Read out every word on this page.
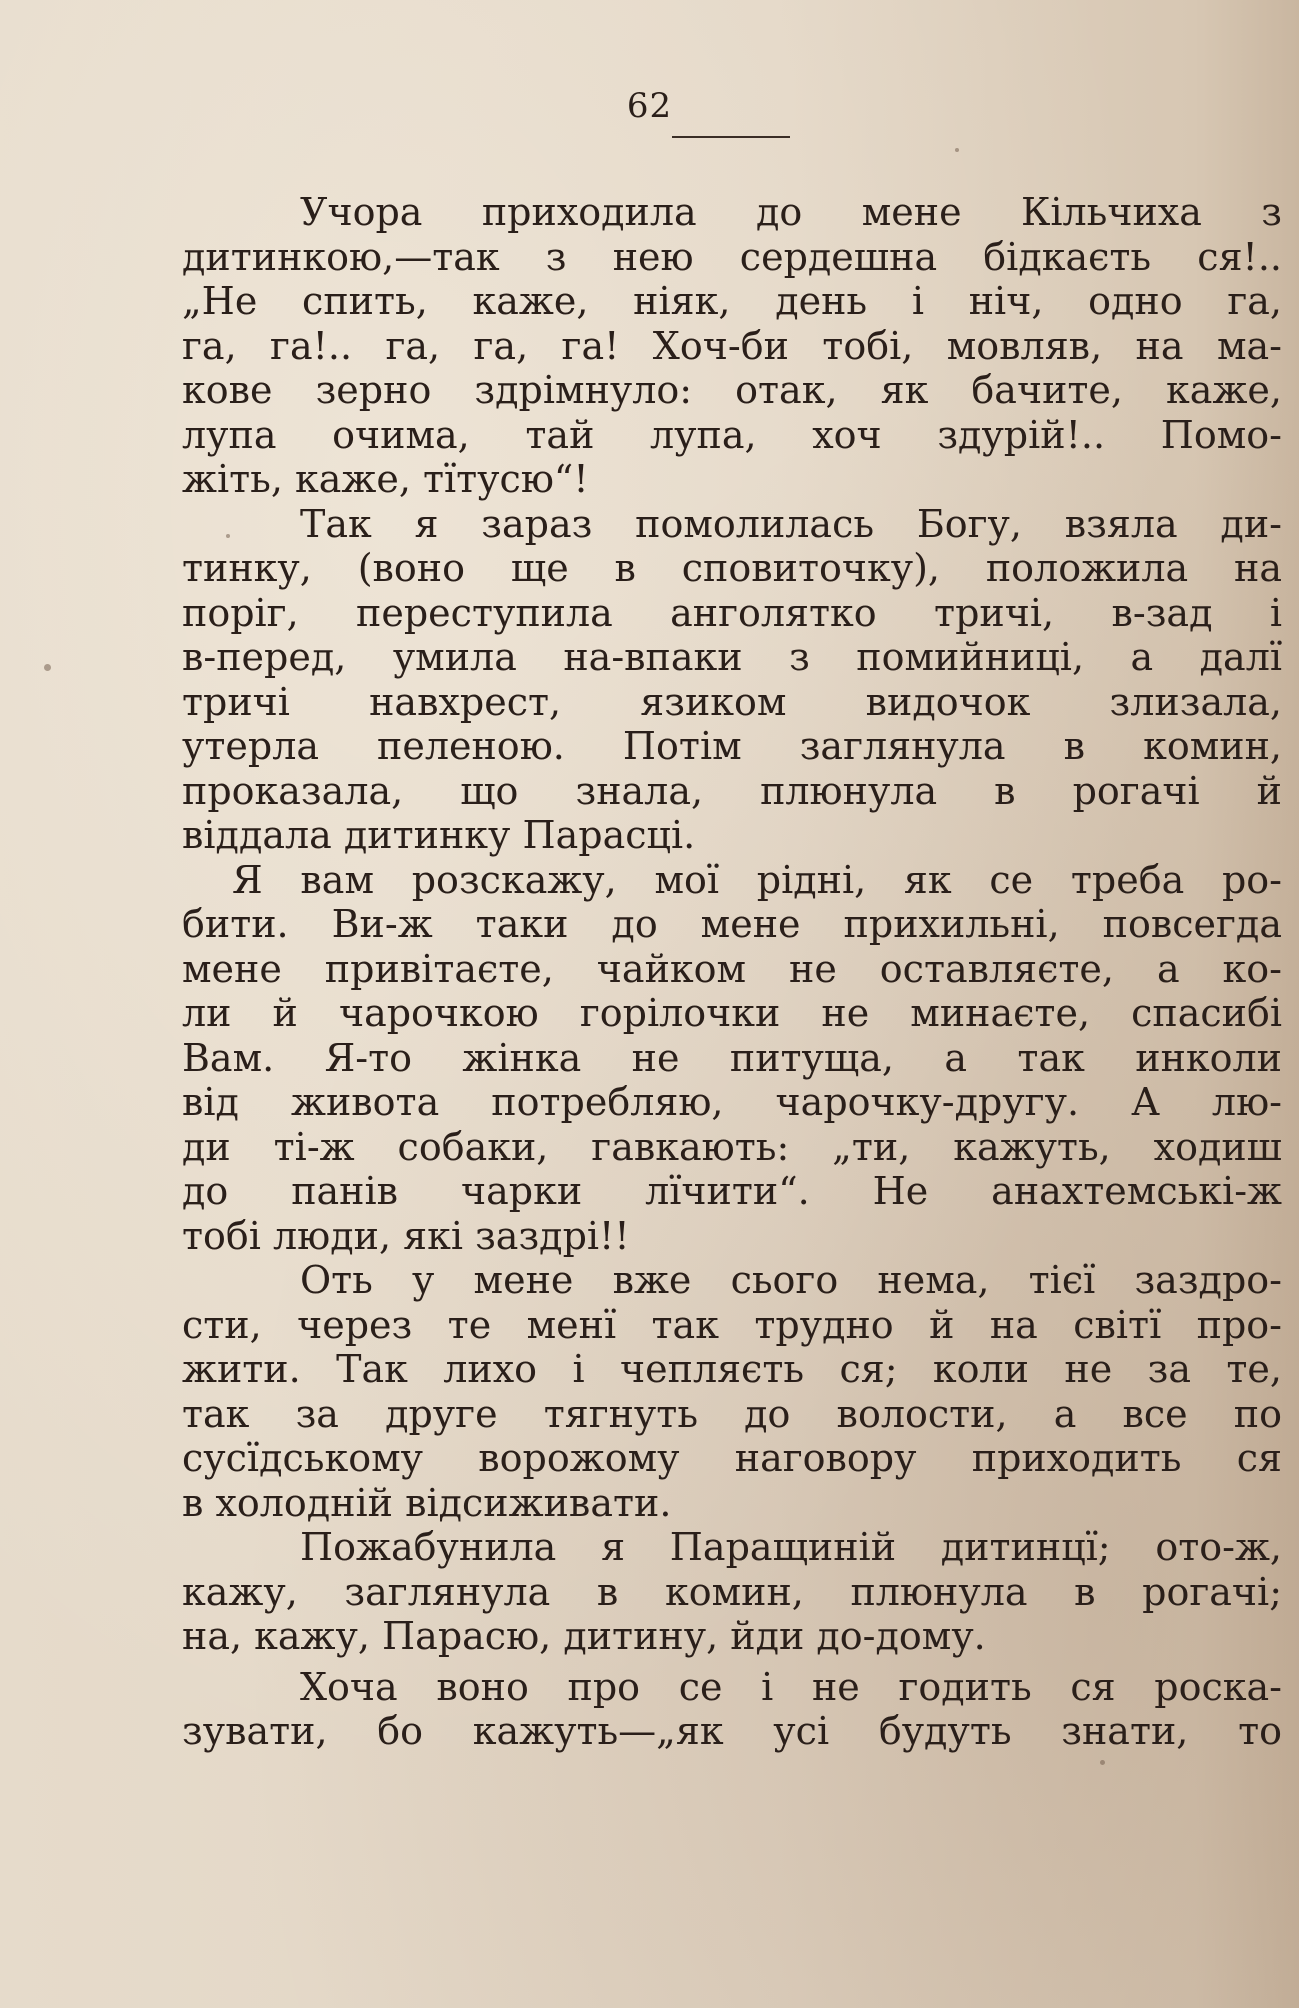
62
Учора приходила до мене Кільчиха з
дитинкою,—так з нею сердешна бідкаєть ся!..
„Не спить, каже, ніяк, день і ніч, одно га,
га, га!.. га, га, га! Хоч-би тобі, мовляв, на ма-
кове зерно здрімнуло: отак, як бачите, каже,
лупа очима, тай лупа, хоч здурій!.. Помо-
жіть, каже, тїтусю“!
Так я зараз помолилась Богу, взяла ди-
тинку, (воно ще в сповиточку), положила на
поріг, переступила анголятко тричі, в-зад і
в-перед, умила на-впаки з помийниці, а далї
тричі навхрест, язиком видочок злизала,
утерла пеленою. Потім заглянула в комин,
проказала, що знала, плюнула в рогачі й
віддала дитинку Парасці.
Я вам розскажу, мої рідні, як се треба ро-
бити. Ви-ж таки до мене прихильні, повсегда
мене привітаєте, чайком не оставляєте, а ко-
ли й чарочкою горілочки не минаєте, спасибі
Вам. Я-то жінка не питуща, а так инколи
від живота потребляю, чарочку-другу. А лю-
ди ті-ж собаки, гавкають: „ти, кажуть, ходиш
до панів чарки лїчити“. Не анахтемські-ж
тобі люди, які заздрі!!
Оть у мене вже сього нема, тієї заздро-
сти, через те менї так трудно й на світї про-
жити. Так лихо і чепляєть ся; коли не за те,
так за друге тягнуть до волости, а все по
сусїдському ворожому наговору приходить ся
в холодній відсиживати.
Пожабунила я Паращиній дитинцї; ото-ж,
кажу, заглянула в комин, плюнула в рогачі;
на, кажу, Парасю, дитину, йди до-дому.
Хоча воно про се і не годить ся роска-
зувати, бо кажуть—„як усі будуть знати, то
